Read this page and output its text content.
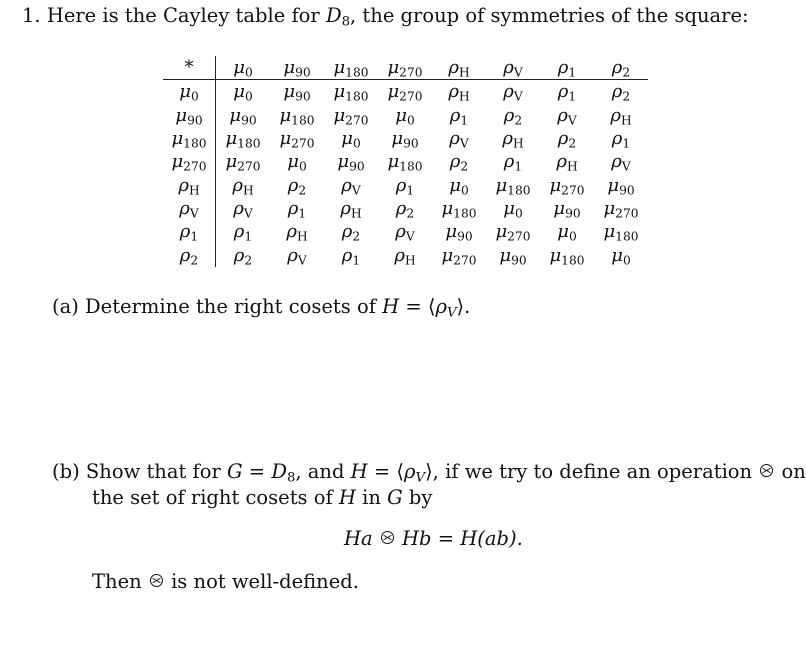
1. Here is the Cayley table for $D_8$, the group of symmetries of the square:
*	$\mu_0$	$\mu_{90}$	$\mu_{180}$	$\mu_{270}$	$\rho_H$	$\rho_V$	$\rho_1$	$\rho_2$
$\mu_0$	$\mu_0$	$\mu_{90}$	$\mu_{180}$	$\mu_{270}$	$\rho_H$	$\rho_V$	$\rho_1$	$\rho_2$
$\mu_{90}$	$\mu_{90}$	$\mu_{180}$	$\mu_{270}$	$\mu_0$	$\rho_1$	$\rho_2$	$\rho_V$	$\rho_H$
$\mu_{180}$	$\mu_{180}$	$\mu_{270}$	$\mu_0$	$\mu_{90}$	$\rho_V$	$\rho_H$	$\rho_2$	$\rho_1$
$\mu_{270}$	$\mu_{270}$	$\mu_0$	$\mu_{90}$	$\mu_{180}$	$\rho_2$	$\rho_1$	$\rho_H$	$\rho_V$
$\rho_H$	$\rho_H$	$\rho_2$	$\rho_V$	$\rho_1$	$\mu_0$	$\mu_{180}$	$\mu_{270}$	$\mu_{90}$
$\rho_V$	$\rho_V$	$\rho_1$	$\rho_H$	$\rho_2$	$\mu_{180}$	$\mu_0$	$\mu_{90}$	$\mu_{270}$
$\rho_1$	$\rho_1$	$\rho_H$	$\rho_2$	$\rho_V$	$\mu_{90}$	$\mu_{270}$	$\mu_0$	$\mu_{180}$
$\rho_2$	$\rho_2$	$\rho_V$	$\rho_1$	$\rho_H$	$\mu_{270}$	$\mu_{90}$	$\mu_{180}$	$\mu_0$
(a) Determine the right cosets of $H = ⟨\rho_V⟩$.
(b) Show that for $G = D_8$, and $H = ⟨\rho_V⟩$, if we try to define an operation  on
the set of right cosets of H in G by
Ha Hb = H(ab).
Then  is not well-defined.
